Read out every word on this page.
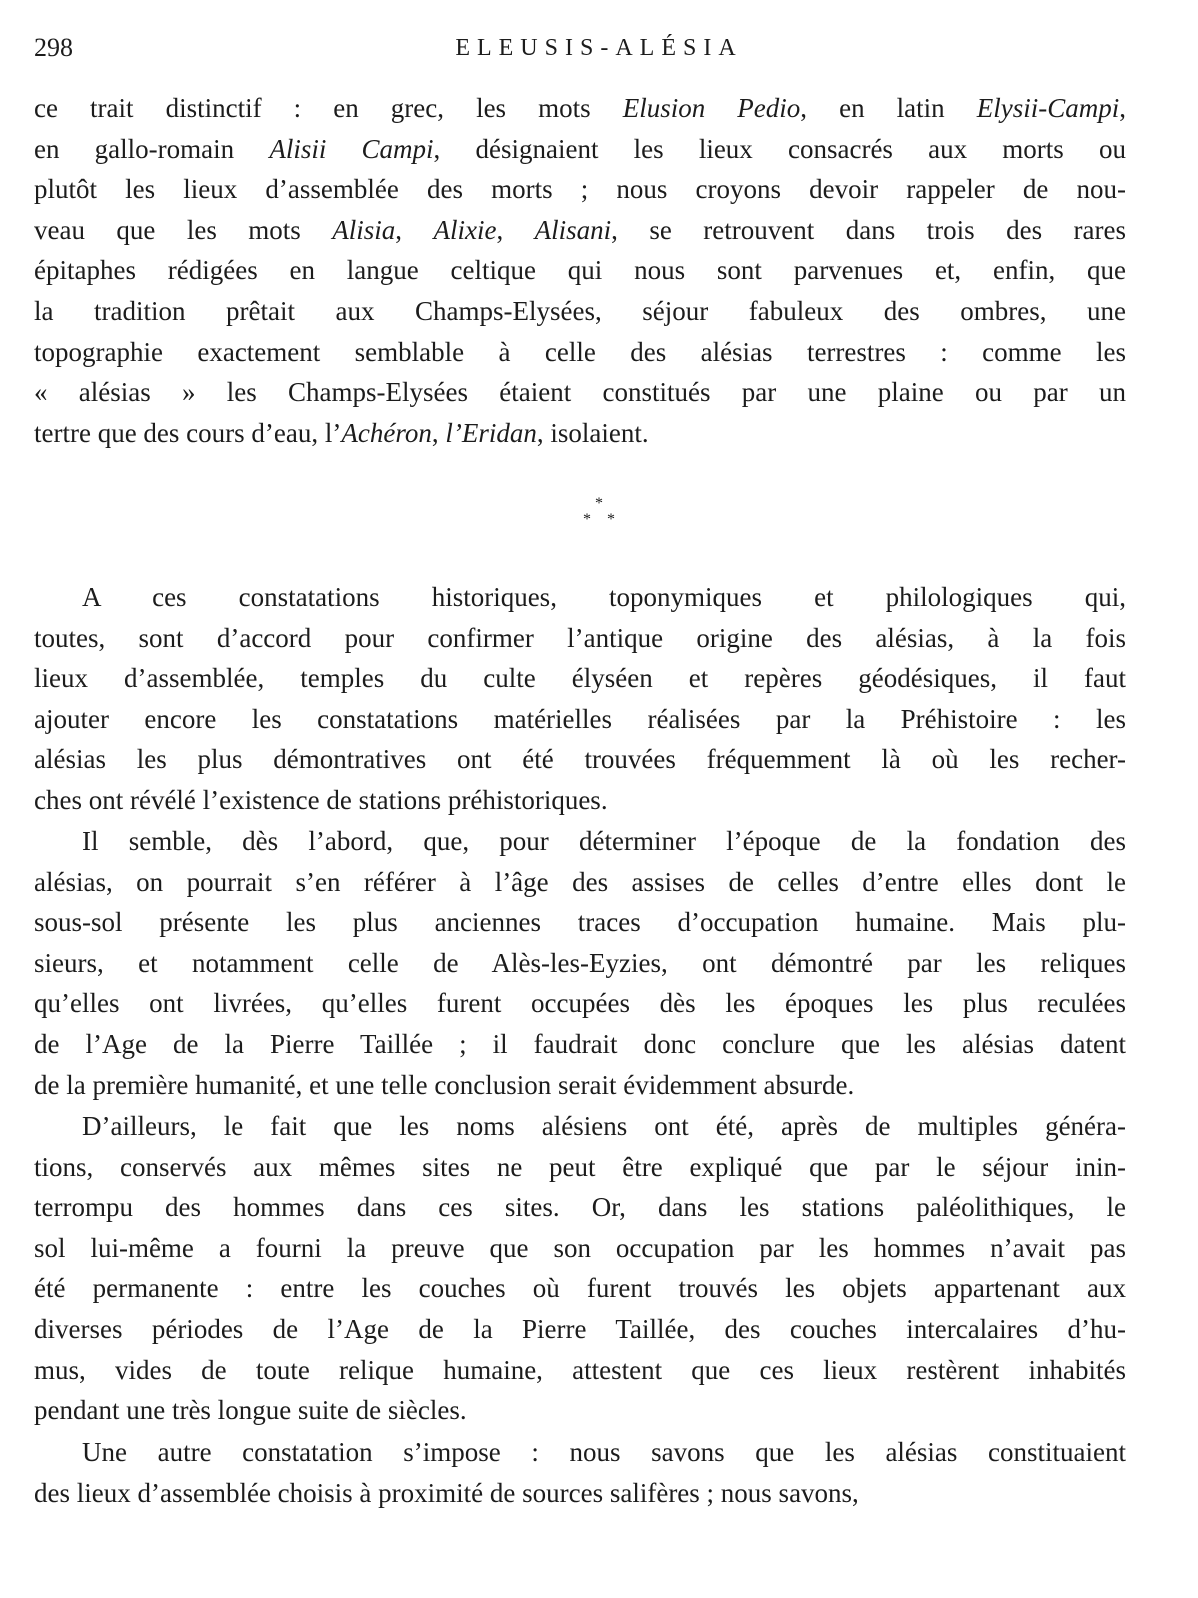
298	ELEUSIS-ALÉSIA
ce trait distinctif : en grec, les mots Elusion Pedio, en latin Elysii-Campi,
en gallo-romain Alisii Campi, désignaient les lieux consacrés aux morts ou
plutôt les lieux d’assemblée des morts ; nous croyons devoir rappeler de nou-
veau que les mots Alisia, Alixie, Alisani, se retrouvent dans trois des rares
épitaphes rédigées en langue celtique qui nous sont parvenues et, enfin, que
la tradition prêtait aux Champs-Elysées, séjour fabuleux des ombres, une
topographie exactement semblable à celle des alésias terrestres : comme les
« alésias » les Champs-Elysées étaient constitués par une plaine ou par un
tertre que des cours d’eau, l’Achéron, l’Eridan, isolaient.
*
**
A ces constatations historiques, toponymiques et philologiques qui,
toutes, sont d’accord pour confirmer l’antique origine des alésias, à la fois
lieux d’assemblée, temples du culte élyséen et repères géodésiques, il faut
ajouter encore les constatations matérielles réalisées par la Préhistoire : les
alésias les plus démontratives ont été trouvées fréquemment là où les recher-
ches ont révélé l’existence de stations préhistoriques.
Il semble, dès l’abord, que, pour déterminer l’époque de la fondation des
alésias, on pourrait s’en référer à l’âge des assises de celles d’entre elles dont le
sous-sol présente les plus anciennes traces d’occupation humaine. Mais plu-
sieurs, et notamment celle de Alès-les-Eyzies, ont démontré par les reliques
qu’elles ont livrées, qu’elles furent occupées dès les époques les plus reculées
de l’Age de la Pierre Taillée ; il faudrait donc conclure que les alésias datent
de la première humanité, et une telle conclusion serait évidemment absurde.
D’ailleurs, le fait que les noms alésiens ont été, après de multiples généra-
tions, conservés aux mêmes sites ne peut être expliqué que par le séjour inin-
terrompu des hommes dans ces sites. Or, dans les stations paléolithiques, le
sol lui-même a fourni la preuve que son occupation par les hommes n’avait pas
été permanente : entre les couches où furent trouvés les objets appartenant aux
diverses périodes de l’Age de la Pierre Taillée, des couches intercalaires d’hu-
mus, vides de toute relique humaine, attestent que ces lieux restèrent inhabités
pendant une très longue suite de siècles.
Une autre constatation s’impose : nous savons que les alésias constituaient
des lieux d’assemblée choisis à proximité de sources salifères ; nous savons,
